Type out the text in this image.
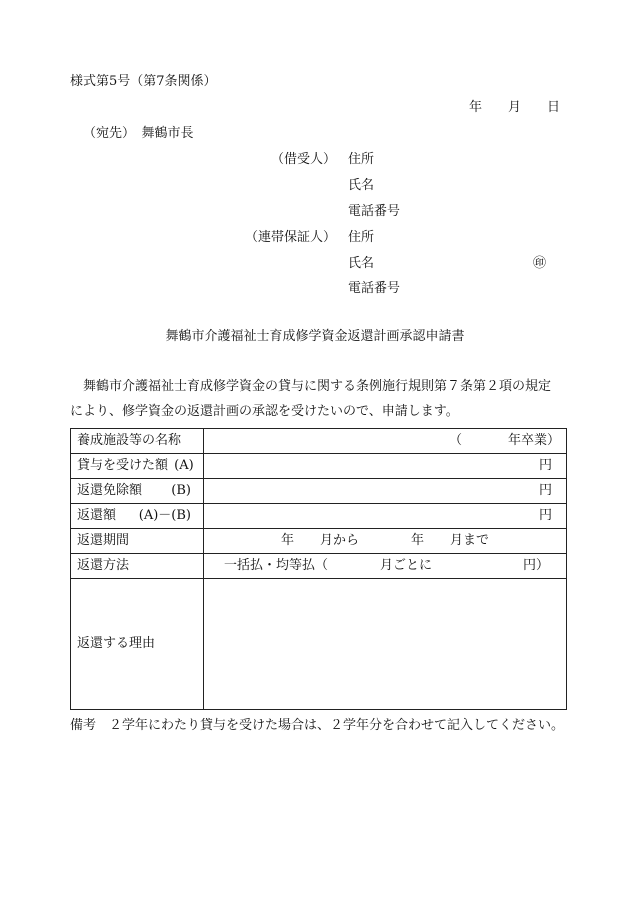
様式第5号（第7条関係）
年　　月　　日
（宛先）　舞鶴市長
（借受人） 住所
氏名
電話番号
（連帯保証人） 住所
氏名	㊞
電話番号
舞鶴市介護福祉士育成修学資金返還計画承認申請書
舞鶴市介護福祉士育成修学資金の貸与に関する条例施行規則第７条第２項の規定
により、修学資金の返還計画の承認を受けたいので、申請します。
養成施設等の名称	（ 年卒業）

貸与を受けた額 (A)	円

返還免除額 (B)	円

返還額 (A)－(B)	円
返還期間	年　　月から　　　　年　　月まで
返還方法	一括払・均等払（　　　　月ごとに　　　　　　　円）
返還する理由	
備考　２学年にわたり貸与を受けた場合は、２学年分を合わせて記入してください。
